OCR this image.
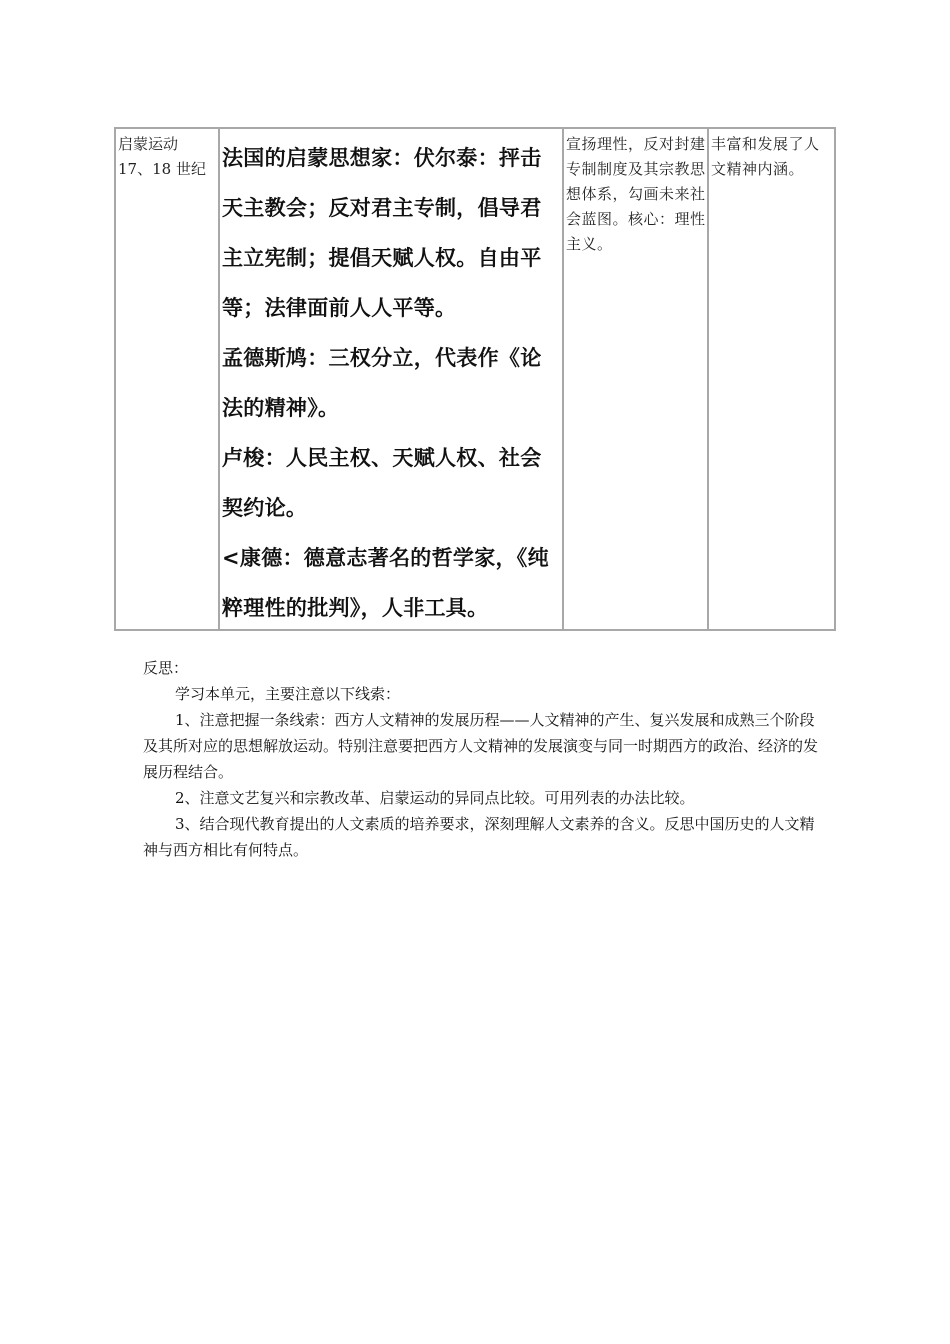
启蒙运动
17、18 世纪 法国的启蒙思想家：伏尔泰：抨击天主教会；反对君主专制，倡导君主立宪制；提倡天赋人权。自由平等；法律面前人人平等。

孟德斯鸠：三权分立，代表作《论法的精神》。

卢梭：人民主权、天赋人权、社会契约论。

<康德：德意志著名的哲学家，《纯粹理性的批判》，人非工具。

宣扬理性，反对封建专制制度及其宗教思想体系，勾画未来社会蓝图。核心：理性主义。
丰富和发展了人文精神内涵。

反思：

学习本单元，主要注意以下线索：

1、注意把握一条线索：西方人文精神的发展历程——人文精神的产生、复兴发展和成熟三个阶段及其所对应的思想解放运动。特别注意要把西方人文精神的发展演变与同一时期西方的政治、经济的发展历程结合。

2、注意文艺复兴和宗教改革、启蒙运动的异同点比较。可用列表的办法比较。

3、结合现代教育提出的人文素质的培养要求，深刻理解人文素养的含义。反思中国历史的人文精神与西方相比有何特点。
